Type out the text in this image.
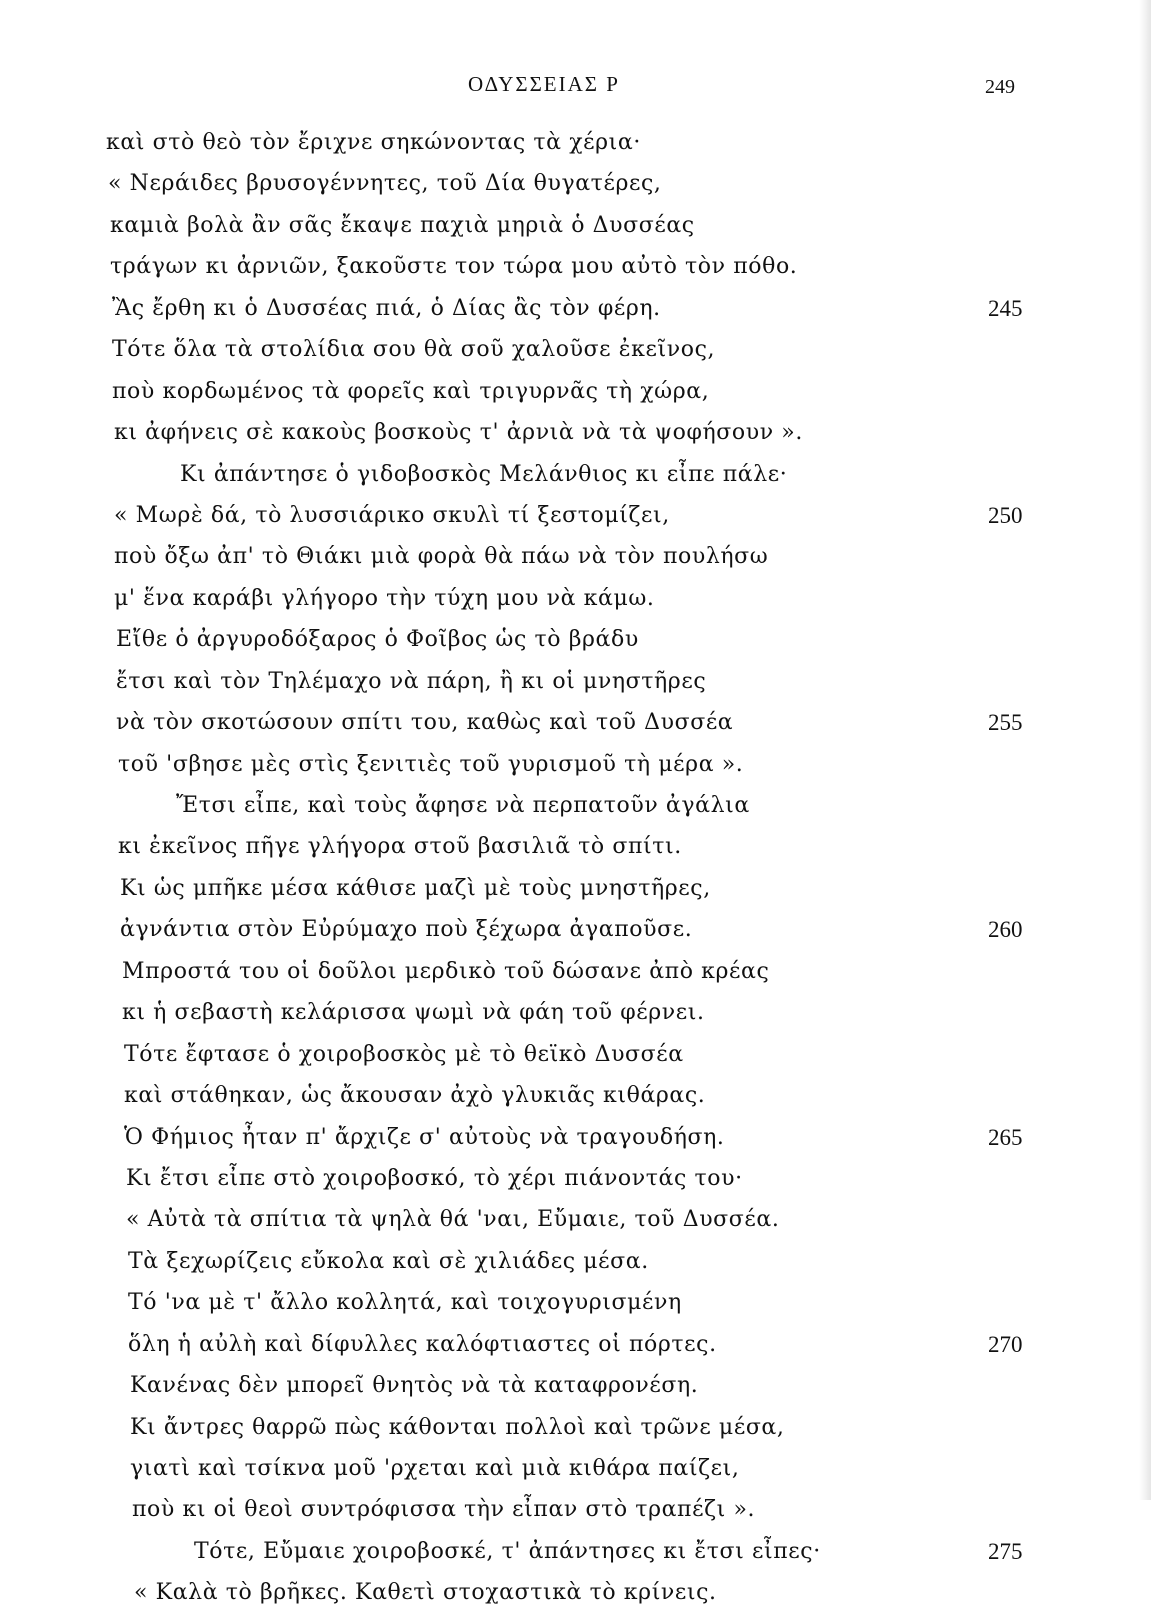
ΟΔΥΣΣΕΙΑΣ Ρ	249
καὶ στὸ θεὸ τὸν ἔριχνε σηκώνοντας τὰ χέρια·
« Νεράιδες βρυσογέννητες, τοῦ Δία θυγατέρες,
καμιὰ βολὰ ἂν σᾶς ἔκαψε παχιὰ μηριὰ ὁ Δυσσέας
τράγων κι ἀρνιῶν, ξακοῦστε τον τώρα μου αὐτὸ τὸν πόθο.
Ἂς ἔρθη κι ὁ Δυσσέας πιά, ὁ Δίας ἂς τὸν φέρη.	245
Τότε ὅλα τὰ στολίδια σου θὰ σοῦ χαλοῦσε ἐκεῖνος,
ποὺ κορδωμένος τὰ φορεῖς καὶ τριγυρνᾶς τὴ χώρα,
κι ἀφήνεις σὲ κακοὺς βοσκοὺς τ' ἀρνιὰ νὰ τὰ ψοφήσουν ».
Κι ἀπάντησε ὁ γιδοβοσκὸς Μελάνθιος κι εἶπε πάλε·
« Μωρὲ δά, τὸ λυσσιάρικο σκυλὶ τί ξεστομίζει,	250
ποὺ ὄξω ἀπ' τὸ Θιάκι μιὰ φορὰ θὰ πάω νὰ τὸν πουλήσω
μ' ἕνα καράβι γλήγορο τὴν τύχη μου νὰ κάμω.
Εἴθε ὁ ἀργυροδόξαρος ὁ Φοῖβος ὡς τὸ βράδυ
ἔτσι καὶ τὸν Τηλέμαχο νὰ πάρη, ἢ κι οἱ μνηστῆρες
νὰ τὸν σκοτώσουν σπίτι του, καθὼς καὶ τοῦ Δυσσέα	255
τοῦ 'σβησε μὲς στὶς ξενιτιὲς τοῦ γυρισμοῦ τὴ μέρα ».
Ἔτσι εἶπε, καὶ τοὺς ἄφησε νὰ περπατοῦν ἀγάλια
κι ἐκεῖνος πῆγε γλήγορα στοῦ βασιλιᾶ τὸ σπίτι.
Κι ὡς μπῆκε μέσα κάθισε μαζὶ μὲ τοὺς μνηστῆρες,
ἀγνάντια στὸν Εὐρύμαχο ποὺ ξέχωρα ἀγαποῦσε.	260
Μπροστά του οἱ δοῦλοι μερδικὸ τοῦ δώσανε ἀπὸ κρέας
κι ἡ σεβαστὴ κελάρισσα ψωμὶ νὰ φάη τοῦ φέρνει.
Τότε ἔφτασε ὁ χοιροβοσκὸς μὲ τὸ θεϊκὸ Δυσσέα
καὶ στάθηκαν, ὡς ἄκουσαν ἀχὸ γλυκιᾶς κιθάρας.
Ὁ Φήμιος ἦταν π' ἄρχιζε σ' αὐτοὺς νὰ τραγουδήση.	265
Κι ἔτσι εἶπε στὸ χοιροβοσκό, τὸ χέρι πιάνοντάς του·
« Αὐτὰ τὰ σπίτια τὰ ψηλὰ θά 'ναι, Εὔμαιε, τοῦ Δυσσέα.
Τὰ ξεχωρίζεις εὔκολα καὶ σὲ χιλιάδες μέσα.
Τό 'να μὲ τ' ἄλλο κολλητά, καὶ τοιχογυρισμένη
ὅλη ἡ αὐλὴ καὶ δίφυλλες καλόφτιαστες οἱ πόρτες.	270
Κανένας δὲν μπορεῖ θνητὸς νὰ τὰ καταφρονέση.
Κι ἄντρες θαρρῶ πὼς κάθονται πολλοὶ καὶ τρῶνε μέσα,
γιατὶ καὶ τσίκνα μοῦ 'ρχεται καὶ μιὰ κιθάρα παίζει,
ποὺ κι οἱ θεοὶ συντρόφισσα τὴν εἶπαν στὸ τραπέζι ».
Τότε, Εὔμαιε χοιροβοσκέ, τ' ἀπάντησες κι ἔτσι εἶπες·	275
« Καλὰ τὸ βρῆκες. Καθετὶ στοχαστικὰ τὸ κρίνεις.
